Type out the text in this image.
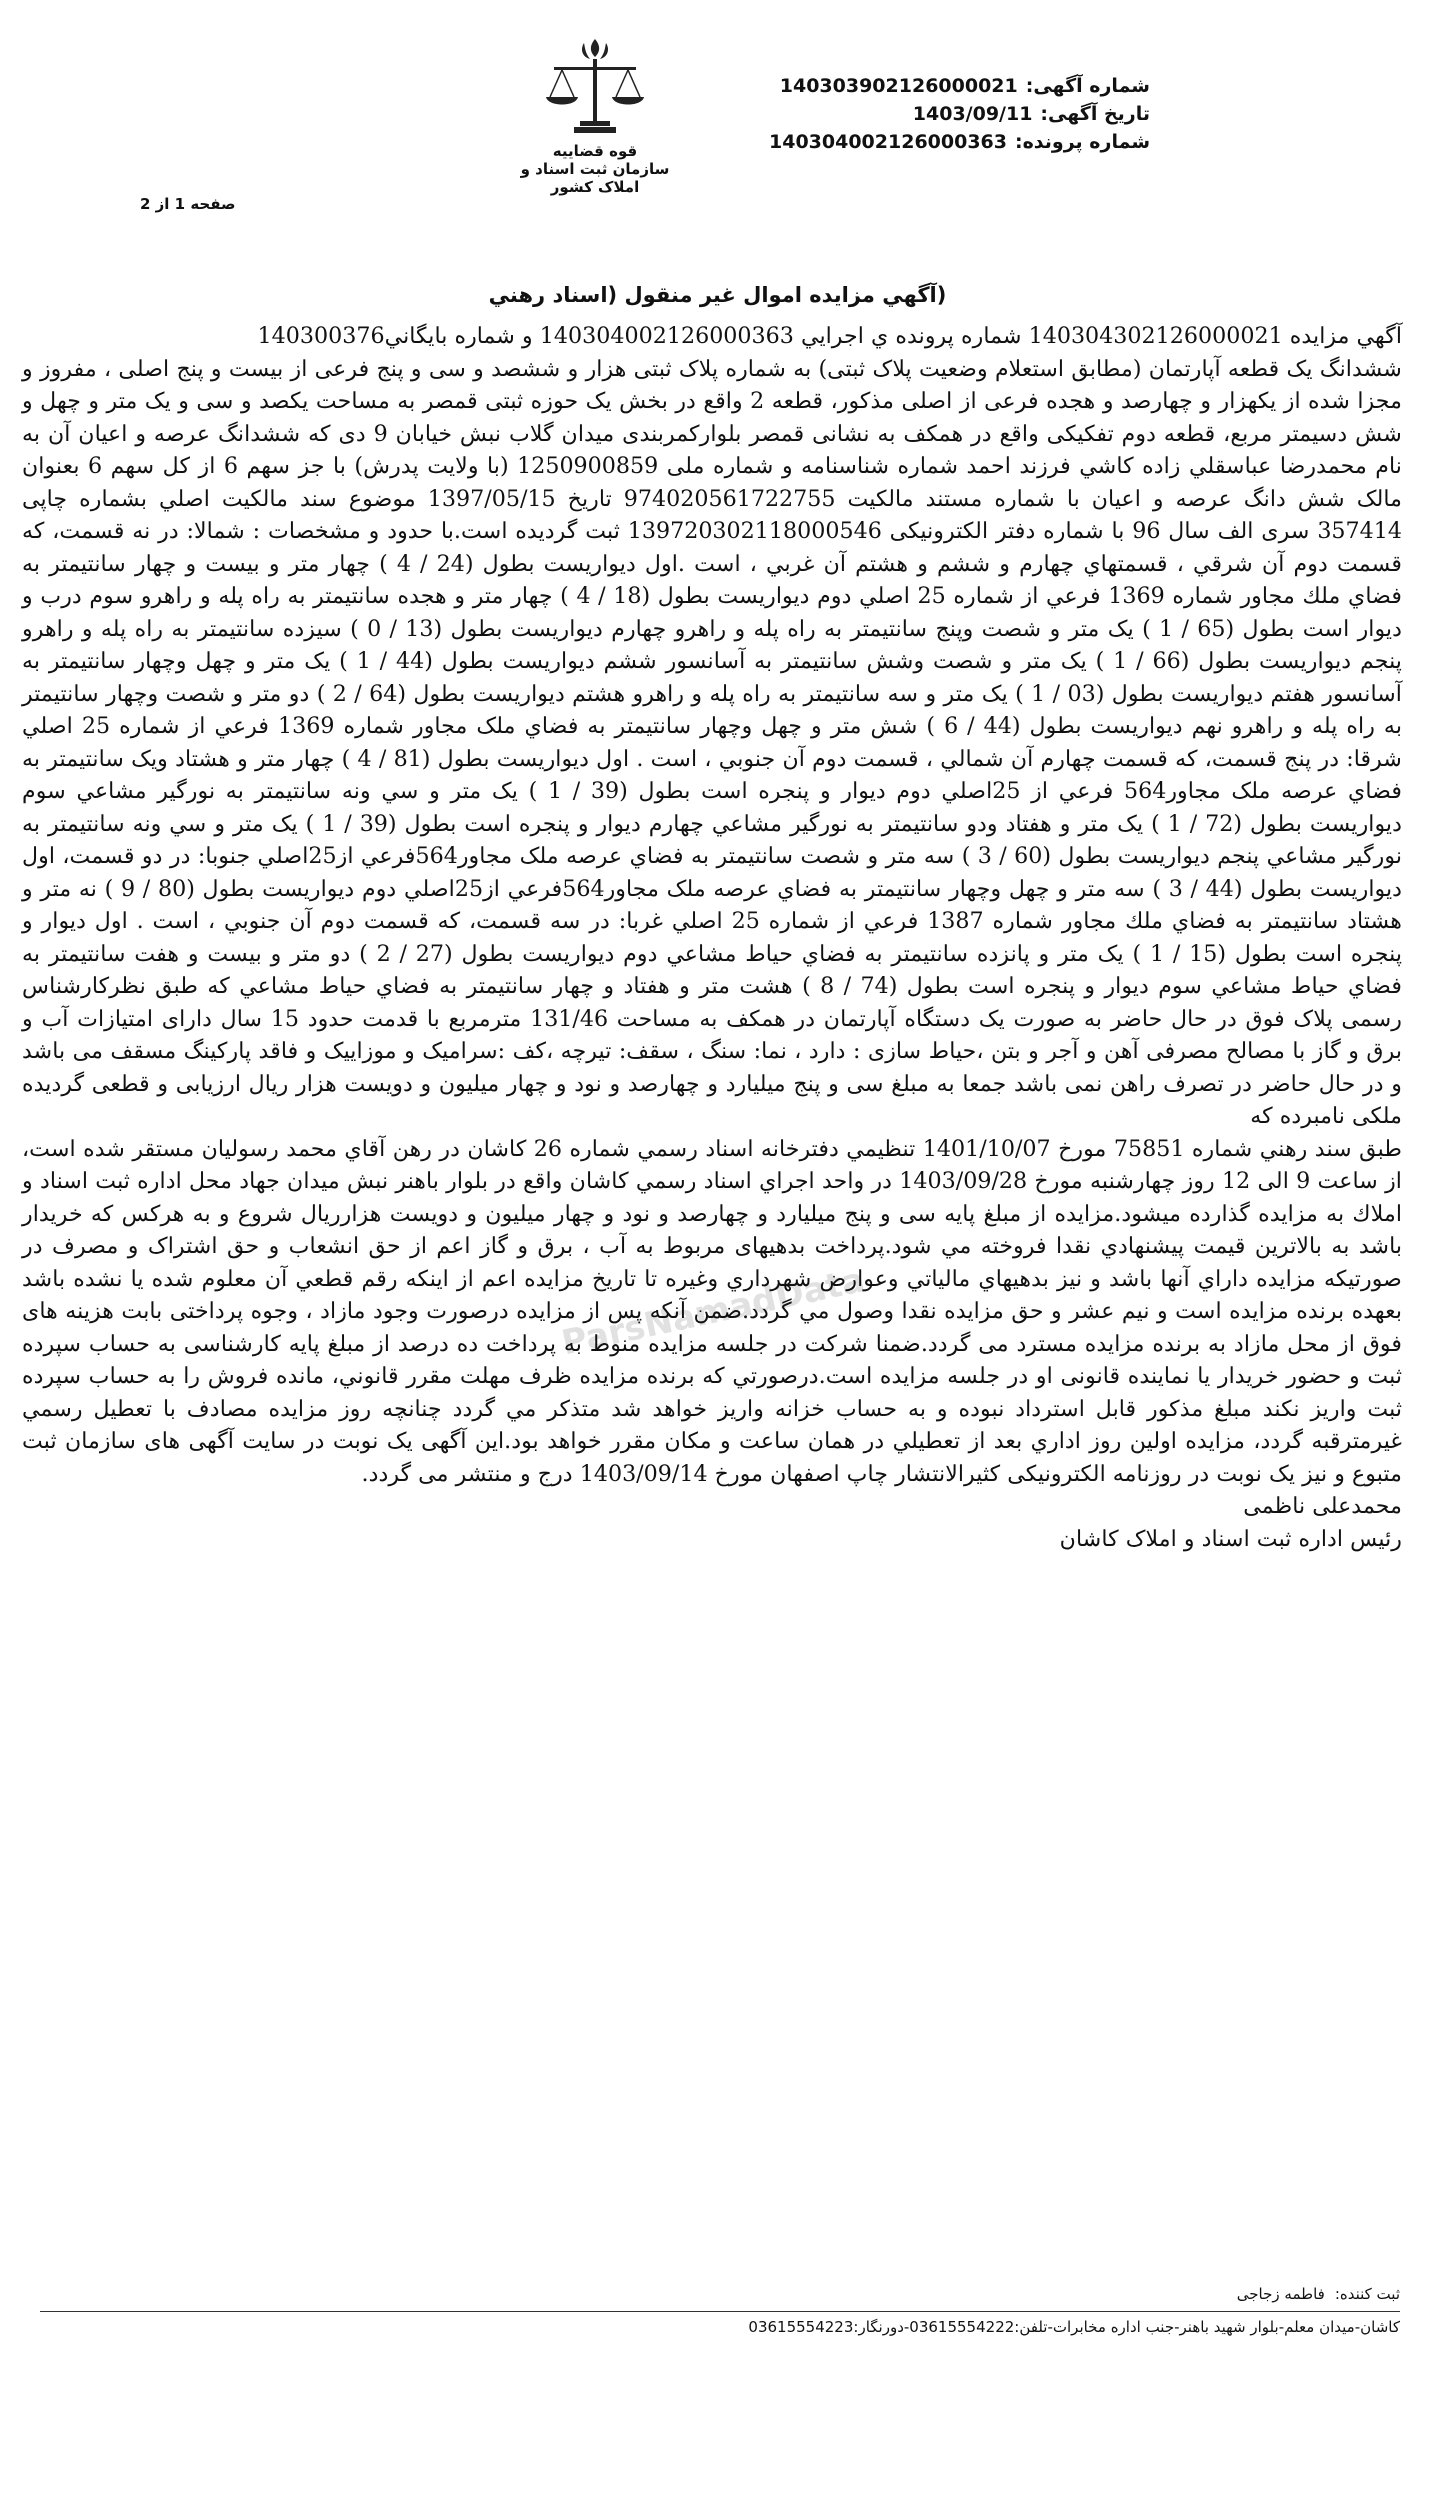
شماره آگهی:
140303902126000021
تاریخ آگهی:
1403/09/11
شماره پرونده:
140304002126000363
قوه قضاییه
سازمان ثبت اسناد و املاک کشور
صفحه 1 از 2
(آگهي مزايده اموال غير منقول (اسناد رهني
ParsNamadData

آگهي مزايده 140304302126000021 شماره پرونده ي اجرايي 140304002126000363 و شماره بايگاني140300376

ششدانگ یک قطعه آپارتمان (مطابق استعلام وضعیت پلاک ثبتی) به شماره پلاک ثبتی هزار و ششصد و سی و پنج فرعی از بیست و پنج اصلی ، مفروز و مجزا شده از یکهزار و چهارصد و هجده فرعی از اصلی مذکور، قطعه 2 واقع در بخش یک حوزه ثبتی قمصر به مساحت یکصد و سی و یک متر و چهل و شش دسیمتر مربع، قطعه دوم تفکیکی واقع در همکف به نشانی قمصر بلوارکمربندی میدان گلاب نبش خیابان 9 دی که ششدانگ عرصه و اعیان آن به نام محمدرضا عباسقلي زاده كاشي فرزند احمد شماره شناسنامه و شماره ملی 1250900859 (با ولایت پدرش) با جز سهم 6 از کل سهم 6 بعنوان مالک شش دانگ عرصه و اعیان با شماره مستند مالکیت 974020561722755 تاریخ 1397/05/15 موضوع سند مالکیت اصلي بشماره چاپی 357414 سری الف سال 96 با شماره دفتر الکترونیکی 139720302118000546 ثبت گردیده است.با حدود و مشخصات : شمالا: در نه قسمت، كه قسمت دوم آن شرقي ، قسمتهاي چهارم و ششم و هشتم آن غربي ، است .اول ديواريست بطول (24 / 4 ) چهار متر و بيست و چهار سانتيمتر به فضاي ملك مجاور شماره 1369 فرعي از شماره 25 اصلي دوم ديواريست بطول (18 / 4 ) چهار متر و هجده سانتيمتر به راه پله و راهرو سوم درب و ديوار است بطول (65 / 1 ) يک متر و شصت وپنج سانتيمتر به راه پله و راهرو چهارم ديواريست بطول (13 / 0 ) سيزده سانتيمتر به راه پله و راهرو پنجم ديواريست بطول (66 / 1 ) يک متر و شصت وشش سانتيمتر به آسانسور ششم ديواريست بطول (44 / 1 ) يک متر و چهل وچهار سانتيمتر به آسانسور هفتم ديواريست بطول (03 / 1 ) يک متر و سه سانتيمتر به راه پله و راهرو هشتم ديواريست بطول (64 / 2 ) دو متر و شصت وچهار سانتيمتر به راه پله و راهرو نهم ديواريست بطول (44 / 6 ) شش متر و چهل وچهار سانتيمتر به فضاي ملک مجاور شماره 1369 فرعي از شماره 25 اصلي شرقا: در پنج قسمت، كه قسمت چهارم آن شمالي ، قسمت دوم آن جنوبي ، است . اول ديواريست بطول (81 / 4 ) چهار متر و هشتاد ويک سانتيمتر به فضاي عرصه ملک مجاور564 فرعي از 25اصلي دوم ديوار و پنجره است بطول (39 / 1 ) يک متر و سي ونه سانتيمتر به نورگير مشاعي سوم ديواريست بطول (72 / 1 ) يک متر و هفتاد ودو سانتيمتر به نورگير مشاعي چهارم ديوار و پنجره است بطول (39 / 1 ) يک متر و سي ونه سانتيمتر به نورگير مشاعي پنجم ديواريست بطول (60 / 3 ) سه متر و شصت سانتيمتر به فضاي عرصه ملک مجاور564فرعي از25اصلي جنوبا: در دو قسمت، اول ديواريست بطول (44 / 3 ) سه متر و چهل وچهار سانتيمتر به فضاي عرصه ملک مجاور564فرعي از25اصلي دوم ديواريست بطول (80 / 9 ) نه متر و هشتاد سانتيمتر به فضاي ملك مجاور شماره 1387 فرعي از شماره 25 اصلي غربا: در سه قسمت، كه قسمت دوم آن جنوبي ، است . اول ديوار و پنجره است بطول (15 / 1 ) يک متر و پانزده سانتيمتر به فضاي حياط مشاعي دوم ديواريست بطول (27 / 2 ) دو متر و بيست و هفت سانتيمتر به فضاي حياط مشاعي سوم ديوار و پنجره است بطول (74 / 8 ) هشت متر و هفتاد و چهار سانتیمتر به فضاي حياط مشاعي كه طبق نظرکارشناس رسمی پلاک فوق در حال حاضر به صورت یک دستگاه آپارتمان در همکف به مساحت 131/46 مترمربع با قدمت حدود 15 سال دارای امتیازات آب و برق و گاز با مصالح مصرفی آهن و آجر و بتن ،حیاط سازی : دارد ، نما: سنگ ، سقف: تیرچه ،کف :سرامیک و موزاییک و فاقد پارکینگ مسقف می باشد و در حال حاضر در تصرف راهن نمی باشد جمعا به مبلغ سی و پنج میلیارد و چهارصد و نود و چهار میلیون و دویست هزار ریال ارزیابی و قطعی گردیده ملکی نامبرده که

طبق سند رهني شماره 75851 مورخ 1401/10/07 تنظيمي دفترخانه اسناد رسمي شماره 26 كاشان در رهن آقاي محمد رسوليان مستقر شده است، از ساعت 9 الی 12 روز چهارشنبه مورخ 1403/09/28 در واحد اجراي اسناد رسمي كاشان واقع در بلوار باهنر نبش ميدان جهاد محل اداره ثبت اسناد و املاك به مزايده گذارده ميشود.مزايده از مبلغ پایه سی و پنج میلیارد و چهارصد و نود و چهار میلیون و دویست هزارریال شروع و به هرکس که خريدار باشد به بالاترين قيمت پيشنهادي نقدا فروخته مي شود.پرداخت بدهیهای مربوط به آب ، برق و گاز اعم از حق انشعاب و حق اشتراک و مصرف در صورتيكه مزايده داراي آنها باشد و نيز بدهيهاي مالياتي وعوارض شهرداري وغيره تا تاريخ مزايده اعم از اينكه رقم قطعي آن معلوم شده يا نشده باشد بعهده برنده مزايده است و نيم عشر و حق مزايده نقدا وصول مي گردد.ضمن آنكه پس از مزايده درصورت وجود مازاد ، وجوه پرداختی بابت هزينه های فوق از محل مازاد به برنده مزايده مسترد می گردد.ضمنا شرکت در جلسه مزایده منوط به پرداخت ده درصد از مبلغ پایه کارشناسی به حساب سپرده ثبت و حضور خریدار یا نماینده قانونی او در جلسه مزایده است.درصورتي كه برنده مزايده ظرف مهلت مقرر قانوني، مانده فروش را به حساب سپرده ثبت واريز نكند مبلغ مذكور قابل استرداد نبوده و به حساب خزانه واريز خواهد شد متذكر مي گردد چنانچه روز مزايده مصادف با تعطيل رسمي غيرمترقبه گردد، مزايده اولين روز اداري بعد از تعطيلي در همان ساعت و مكان مقرر خواهد بود.این آگهی یک نوبت در سایت آگهی های سازمان ثبت متبوع و نیز یک نوبت در روزنامه الکترونیکی کثیرالانتشار چاپ اصفهان مورخ 1403/09/14 درج و منتشر می گردد.

محمدعلی ناظمی

رئیس اداره ثبت اسناد و املاک کاشان

ثبت کننده:
فاطمه زجاجی
كاشان-ميدان معلم-بلوار شهيد باهنر-جنب اداره مخابرات-تلفن:03615554222-دورنگار:03615554223
